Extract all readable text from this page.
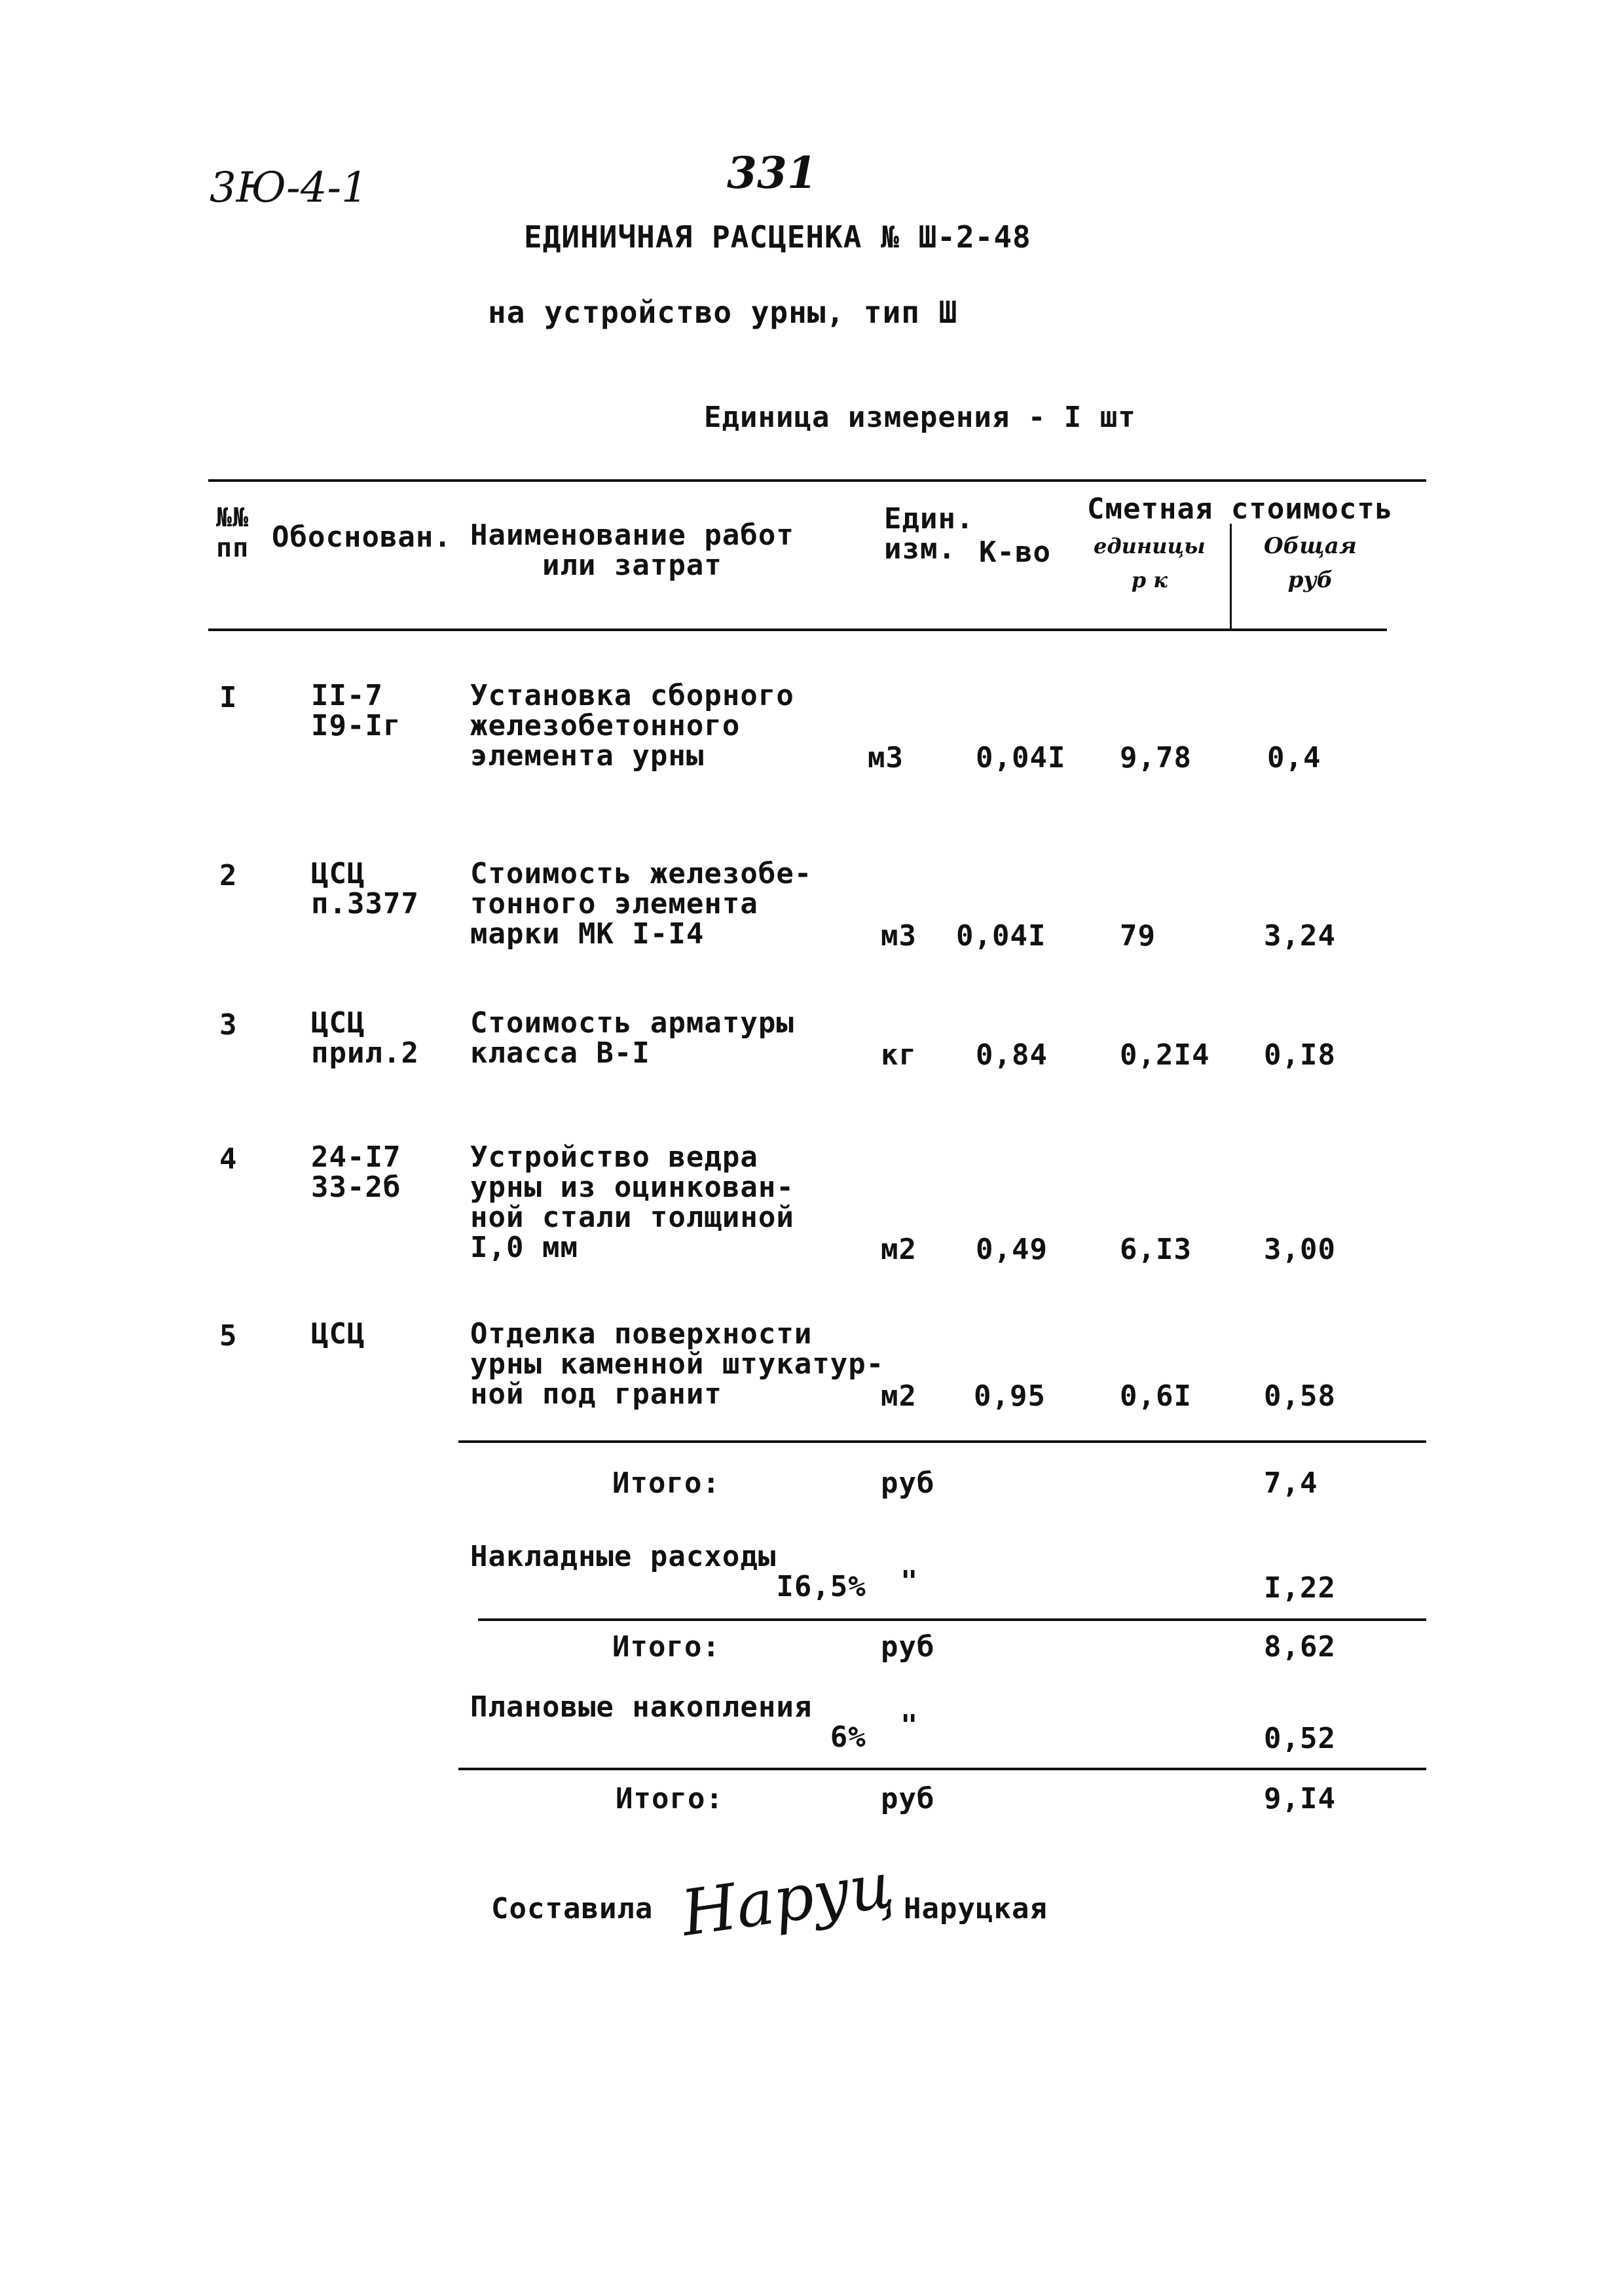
3Ю-4-1	331
ЕДИНИЧНАЯ РАСЦЕНКА № Ш-2-48
на устройство урны, тип Ш
Единица измерения - I шт
№№
пп Обоснован. Наименование работ
или затрат
Един.
изм. К-во
Сметная стоимость
единицы
р к
Общая
руб
I	II-7
I9-Iг
Установка сборного
железобетонного
элемента урны	м3	0,04I 9,78	0,4
2	ЦСЦ
п.3377
Стоимость железобе-
тонного элемента
марки МК I-I4	м3 0,04I	79	3,24
3	ЦСЦ
прил.2
Стоимость арматуры
класса В-I	кг 0,84	0,2I4 0,I8
4	24-I7
33-2б
Устройство ведра
урны из оцинкован-
ной стали толщиной
I,0 мм	м2 0,49	6,I3	3,00
5	ЦСЦ	Отделка поверхности
урны каменной штукатур-
ной под гранит	м2 0,95	0,6I	0,58
Итого:	руб	7,4
Накладные расходы
I6,5% "	I,22
Итого:	руб	8,62
Плановые накопления
6% "	0,52
Итого:	руб	9,I4
Составила Наруц Наруцкая
